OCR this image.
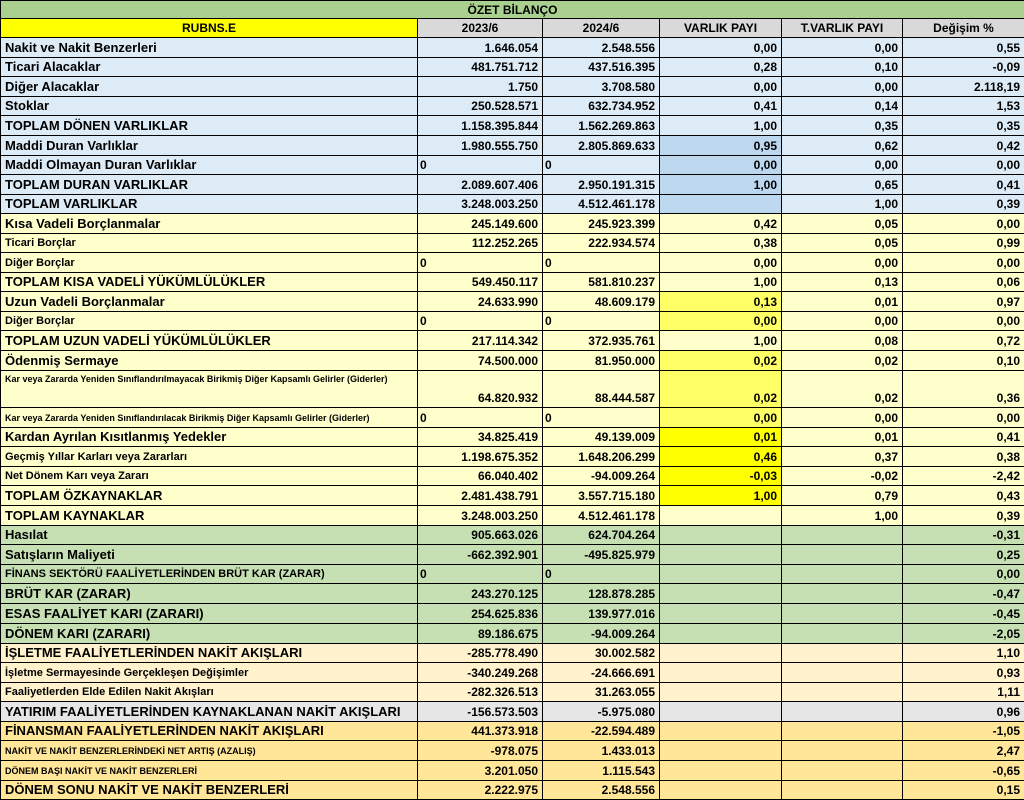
ÖZET BİLANÇO					
RUBNS.E	2023/6	2024/6	VARLIK PAYI	T.VARLIK PAYI	Değişim %
Nakit ve Nakit Benzerleri	1.646.054	2.548.556	0,00	0,00	0,55
Ticari Alacaklar	481.751.712	437.516.395	0,28	0,10	-0,09
Diğer Alacaklar	1.750	3.708.580	0,00	0,00	2.118,19
Stoklar	250.528.571	632.734.952	0,41	0,14	1,53
TOPLAM DÖNEN VARLIKLAR	1.158.395.844	1.562.269.863	1,00	0,35	0,35
Maddi Duran Varlıklar	1.980.555.750	2.805.869.633	0,95	0,62	0,42
Maddi Olmayan Duran Varlıklar	0	0	0,00	0,00	0,00
TOPLAM DURAN VARLIKLAR	2.089.607.406	2.950.191.315	1,00	0,65	0,41
TOPLAM VARLIKLAR	3.248.003.250	4.512.461.178		1,00	0,39
Kısa Vadeli Borçlanmalar	245.149.600	245.923.399	0,42	0,05	0,00
Ticari Borçlar	112.252.265	222.934.574	0,38	0,05	0,99
Diğer Borçlar	0	0	0,00	0,00	0,00
TOPLAM KISA VADELİ YÜKÜMLÜLÜKLER	549.450.117	581.810.237	1,00	0,13	0,06
Uzun Vadeli Borçlanmalar	24.633.990	48.609.179	0,13	0,01	0,97
Diğer Borçlar	0	0	0,00	0,00	0,00
TOPLAM UZUN VADELİ YÜKÜMLÜLÜKLER	217.114.342	372.935.761	1,00	0,08	0,72
Ödenmiş Sermaye	74.500.000	81.950.000	0,02	0,02	0,10
Kar veya Zararda Yeniden Sınıflandırılmayacak Birikmiş Diğer Kapsamlı Gelirler (Giderler)	64.820.932	88.444.587	0,02	0,02	0,36
Kar veya Zararda Yeniden Sınıflandırılacak Birikmiş Diğer Kapsamlı Gelirler (Giderler)	0	0	0,00	0,00	0,00
Kardan Ayrılan Kısıtlanmış Yedekler	34.825.419	49.139.009	0,01	0,01	0,41
Geçmiş Yıllar Karları veya Zararları	1.198.675.352	1.648.206.299	0,46	0,37	0,38
Net Dönem Karı veya Zararı	66.040.402	-94.009.264	-0,03	-0,02	-2,42
TOPLAM ÖZKAYNAKLAR	2.481.438.791	3.557.715.180	1,00	0,79	0,43
TOPLAM KAYNAKLAR	3.248.003.250	4.512.461.178		1,00	0,39
Hasılat	905.663.026	624.704.264			-0,31
Satışların Maliyeti	-662.392.901	-495.825.979			0,25
FİNANS SEKTÖRÜ FAALİYETLERİNDEN BRÜT KAR (ZARAR)	0	0			0,00
BRÜT KAR (ZARAR)	243.270.125	128.878.285			-0,47
ESAS FAALİYET KARI (ZARARI)	254.625.836	139.977.016			-0,45
DÖNEM KARI (ZARARI)	89.186.675	-94.009.264			-2,05
İŞLETME FAALİYETLERİNDEN NAKİT AKIŞLARI	-285.778.490	30.002.582			1,10
İşletme Sermayesinde Gerçekleşen Değişimler	-340.249.268	-24.666.691			0,93
Faaliyetlerden Elde Edilen Nakit Akışları	-282.326.513	31.263.055			1,11
YATIRIM FAALİYETLERİNDEN KAYNAKLANAN NAKİT AKIŞLARI	-156.573.503	-5.975.080			0,96
FİNANSMAN FAALİYETLERİNDEN NAKİT AKIŞLARI	441.373.918	-22.594.489			-1,05
NAKİT VE NAKİT BENZERLERİNDEKİ NET ARTIŞ (AZALIŞ)	-978.075	1.433.013			2,47
DÖNEM BAŞI NAKİT VE NAKİT BENZERLERİ	3.201.050	1.115.543			-0,65
DÖNEM SONU NAKİT VE NAKİT BENZERLERİ	2.222.975	2.548.556			0,15
